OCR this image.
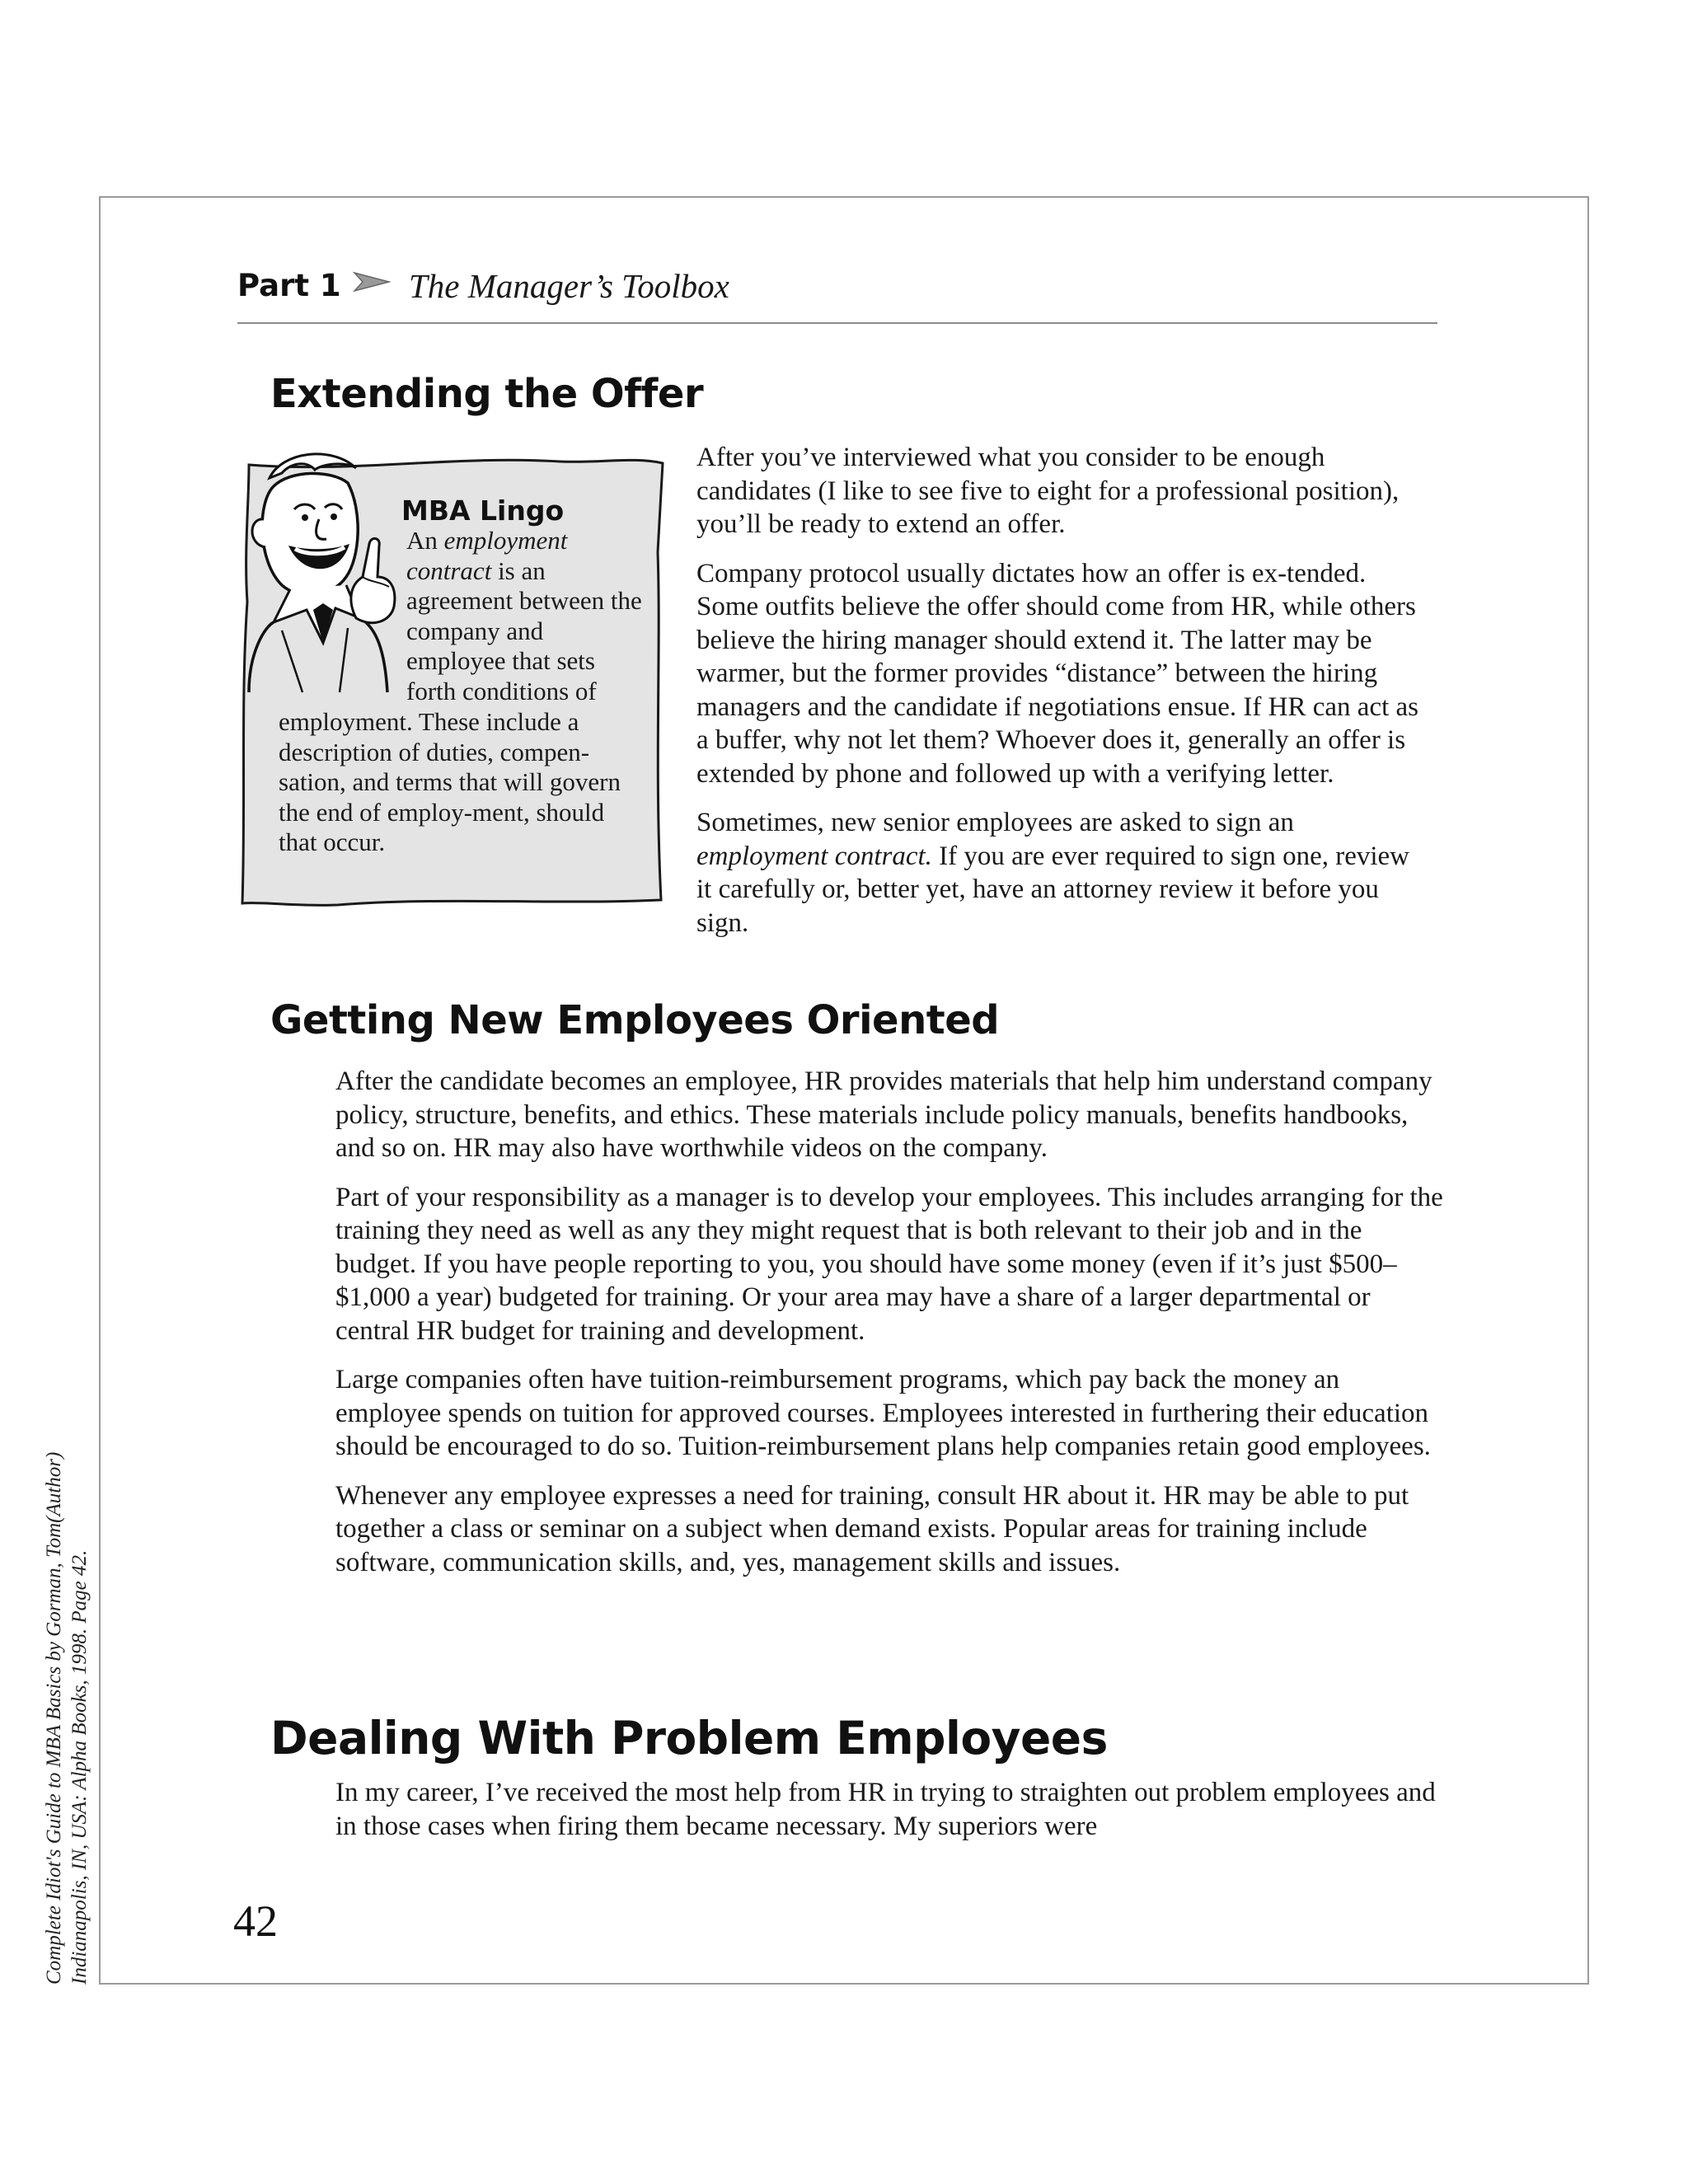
Part 1 The Manager’s Toolbox
Extending the Offer
MBA Lingo
An employment contract is an agreement between the company and employee that sets forth conditions of
employment. These include a description of duties, compen-sation, and terms that will govern the end of employ-ment, should that occur.

After you’ve interviewed what you consider to be enough candidates (I like to see five to eight for a professional position), you’ll be ready to extend an offer.

Company protocol usually dictates how an offer is ex-tended. Some outfits believe the offer should come from HR, while others believe the hiring manager should extend it. The latter may be warmer, but the former provides “distance” between the hiring managers and the candidate if negotiations ensue. If HR can act as a buffer, why not let them? Whoever does it, generally an offer is extended by phone and followed up with a verifying letter.

Sometimes, new senior employees are asked to sign an employment contract. If you are ever required to sign one, review it carefully or, better yet, have an attorney review it before you sign.

Getting New Employees Oriented

After the candidate becomes an employee, HR provides materials that help him understand company policy, structure, benefits, and ethics. These materials include policy manuals, benefits handbooks, and so on. HR may also have worthwhile videos on the company.

Part of your responsibility as a manager is to develop your employees. This includes arranging for the training they need as well as any they might request that is both relevant to their job and in the budget. If you have people reporting to you, you should have some money (even if it’s just $500–$1,000 a year) budgeted for training. Or your area may have a share of a larger departmental or central HR budget for training and development.

Large companies often have tuition-reimbursement programs, which pay back the money an employee spends on tuition for approved courses. Employees interested in furthering their education should be encouraged to do so. Tuition-reimbursement plans help companies retain good employees.

Whenever any employee expresses a need for training, consult HR about it. HR may be able to put together a class or seminar on a subject when demand exists. Popular areas for training include software, communication skills, and, yes, management skills and issues.

Dealing With Problem Employees

In my career, I’ve received the most help from HR in trying to straighten out problem employees and in those cases when firing them became necessary. My superiors were

42
Complete Idiot's Guide to MBA Basics by Gorman, Tom(Author) Indianapolis, IN, USA: Alpha Books, 1998. Page 42.
